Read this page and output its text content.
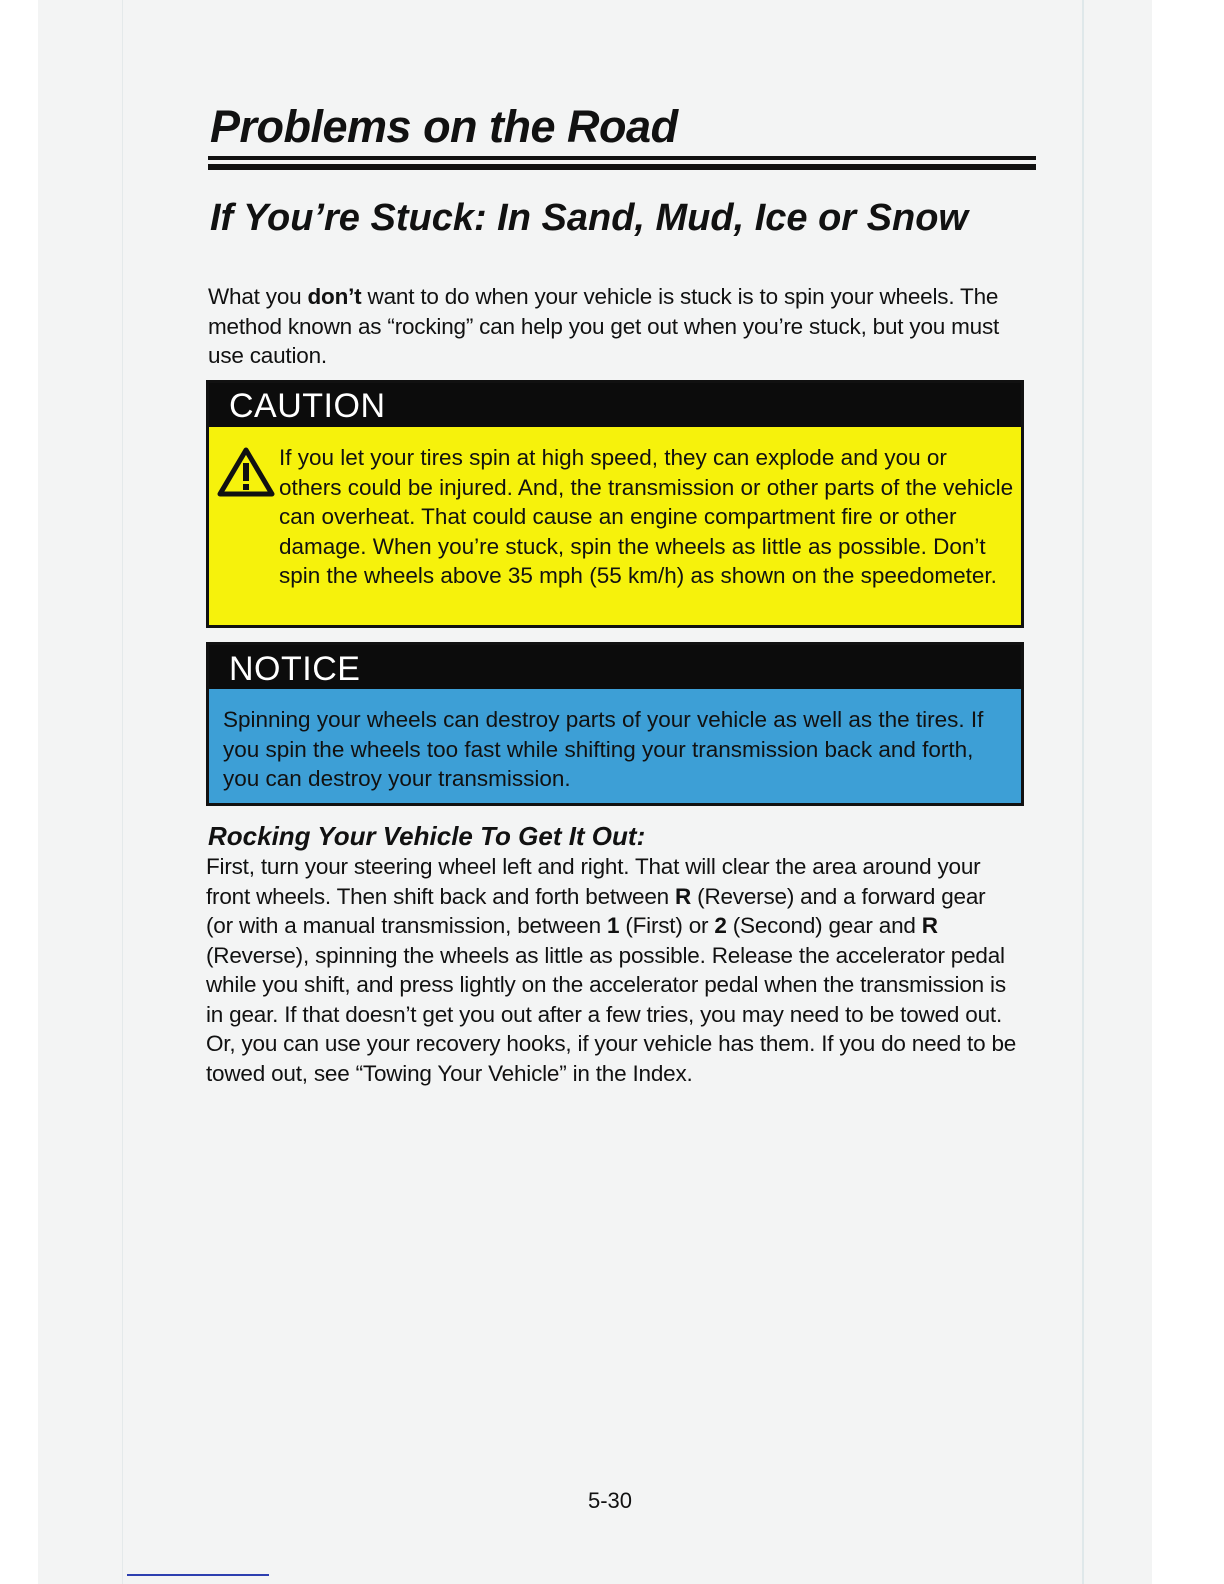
Problems on the Road
If You’re Stuck: In Sand, Mud, Ice or Snow

What you don’t want to do when your vehicle is stuck is to spin your wheels. The method known as “rocking” can help you get out when you’re stuck, but you must use caution.

CAUTION

If you let your tires spin at high speed, they can explode and you or others could be injured. And, the transmission or other parts of the vehicle can overheat. That could cause an engine compartment fire or other damage. When you’re stuck, spin the wheels as little as possible. Don’t spin the wheels above 35 mph (55 km/h) as shown on the speedometer.

NOTICE

Spinning your wheels can destroy parts of your vehicle as well as the tires. If you spin the wheels too fast while shifting your transmission back and forth, you can destroy your transmission.

Rocking Your Vehicle To Get It Out:

First, turn your steering wheel left and right. That will clear the area around your front wheels. Then shift back and forth between R (Reverse) and a forward gear (or with a manual transmission, between 1 (First) or 2 (Second) gear and R (Reverse), spinning the wheels as little as possible. Release the accelerator pedal while you shift, and press lightly on the accelerator pedal when the transmission is in gear. If that doesn’t get you out after a few tries, you may need to be towed out. Or, you can use your recovery hooks, if your vehicle has them. If you do need to be towed out, see “Towing Your Vehicle” in the Index.

5-30
